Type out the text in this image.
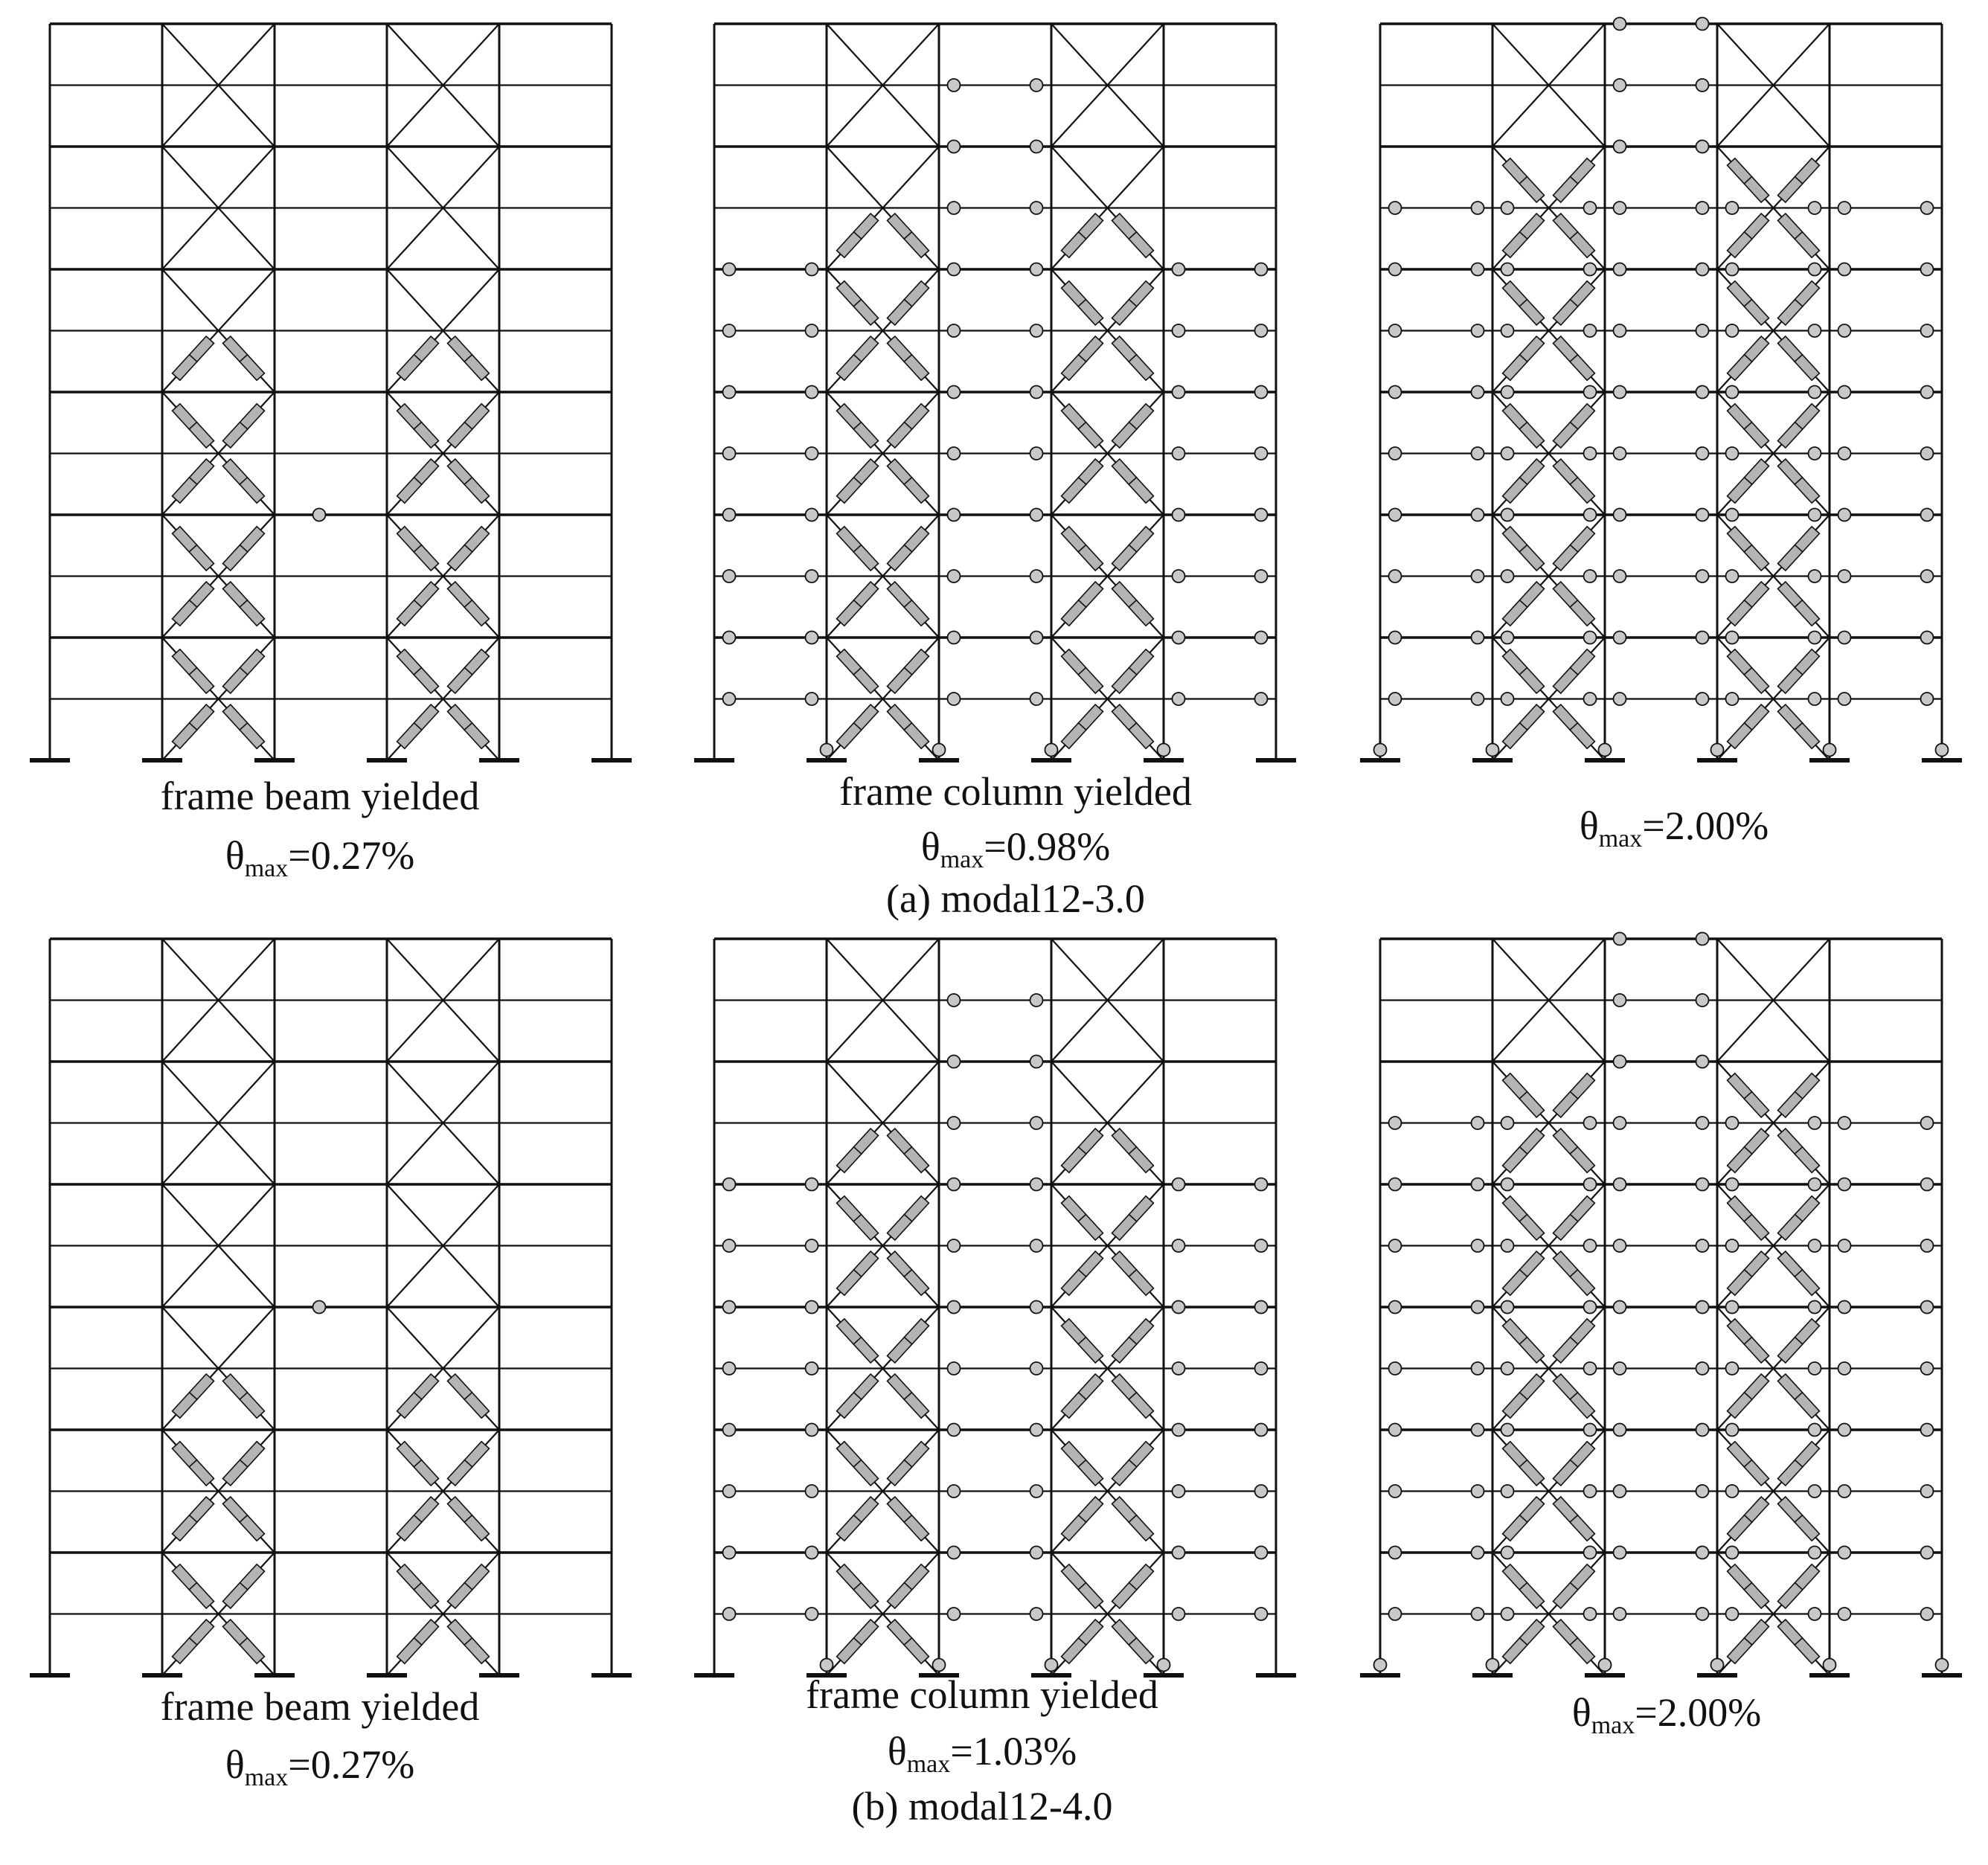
frame beam yielded
θmax=0.27%
frame column yielded
θmax=0.98%
(a) modal12-3.0
θmax=2.00%
frame beam yielded
θmax=0.27%
frame column yielded
θmax=1.03%
(b) modal12-4.0
θmax=2.00%
